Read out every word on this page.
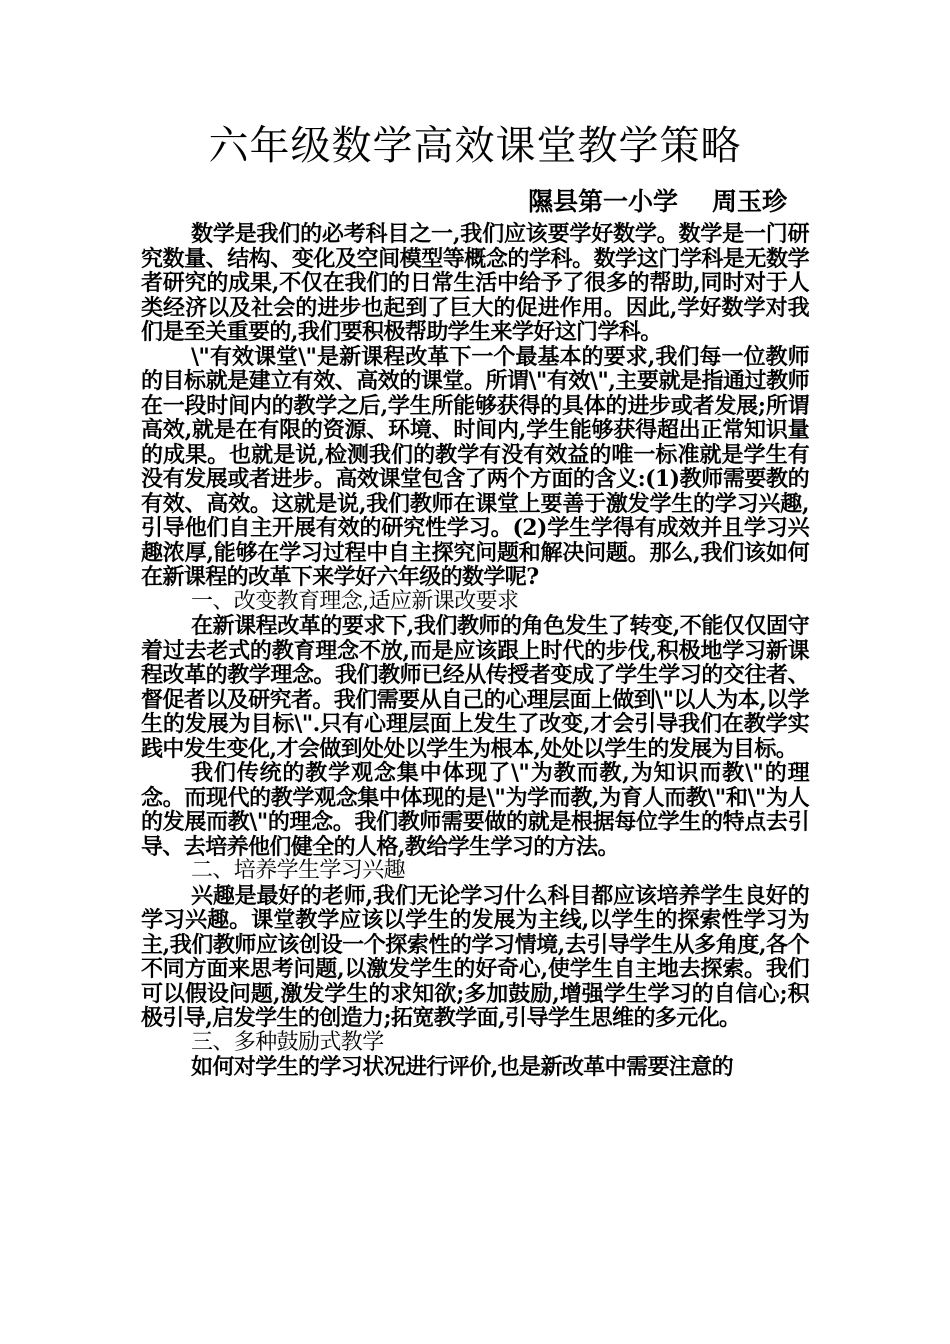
六年级数学高效课堂教学策略
隰县第一小学 周玉珍

数学是我们的必考科目之一,我们应该要学好数学。数学是一门研究数量、结构、变化及空间模型等概念的学科。数学这门学科是无数学者研究的成果,不仅在我们的日常生活中给予了很多的帮助,同时对于人类经济以及社会的进步也起到了巨大的促进作用。因此,学好数学对我们是至关重要的,我们要积极帮助学生来学好这门学科。

\"有效课堂\"是新课程改革下一个最基本的要求,我们每一位教师的目标就是建立有效、高效的课堂。所谓\"有效\",主要就是指通过教师在一段时间内的教学之后,学生所能够获得的具体的进步或者发展;所谓高效,就是在有限的资源、环境、时间内,学生能够获得超出正常知识量的成果。也就是说,检测我们的教学有没有效益的唯一标准就是学生有没有发展或者进步。高效课堂包含了两个方面的含义:(1)教师需要教的有效、高效。这就是说,我们教师在课堂上要善于激发学生的学习兴趣,引导他们自主开展有效的研究性学习。(2)学生学得有成效并且学习兴趣浓厚,能够在学习过程中自主探究问题和解决问题。那么,我们该如何在新课程的改革下来学好六年级的数学呢?

一、改变教育理念,适应新课改要求

在新课程改革的要求下,我们教师的角色发生了转变,不能仅仅固守着过去老式的教育理念不放,而是应该跟上时代的步伐,积极地学习新课程改革的教学理念。我们教师已经从传授者变成了学生学习的交往者、督促者以及研究者。我们需要从自己的心理层面上做到\"以人为本,以学生的发展为目标\".只有心理层面上发生了改变,才会引导我们在教学实践中发生变化,才会做到处处以学生为根本,处处以学生的发展为目标。

我们传统的教学观念集中体现了\"为教而教,为知识而教\"的理念。而现代的教学观念集中体现的是\"为学而教,为育人而教\"和\"为人的发展而教\"的理念。我们教师需要做的就是根据每位学生的特点去引导、去培养他们健全的人格,教给学生学习的方法。

二、培养学生学习兴趣

兴趣是最好的老师,我们无论学习什么科目都应该培养学生良好的学习兴趣。课堂教学应该以学生的发展为主线,以学生的探索性学习为主,我们教师应该创设一个探索性的学习情境,去引导学生从多角度,各个不同方面来思考问题,以激发学生的好奇心,使学生自主地去探索。我们可以假设问题,激发学生的求知欲;多加鼓励,增强学生学习的自信心;积极引导,启发学生的创造力;拓宽教学面,引导学生思维的多元化。

三、多种鼓励式教学

如何对学生的学习状况进行评价,也是新改革中需要注意的
